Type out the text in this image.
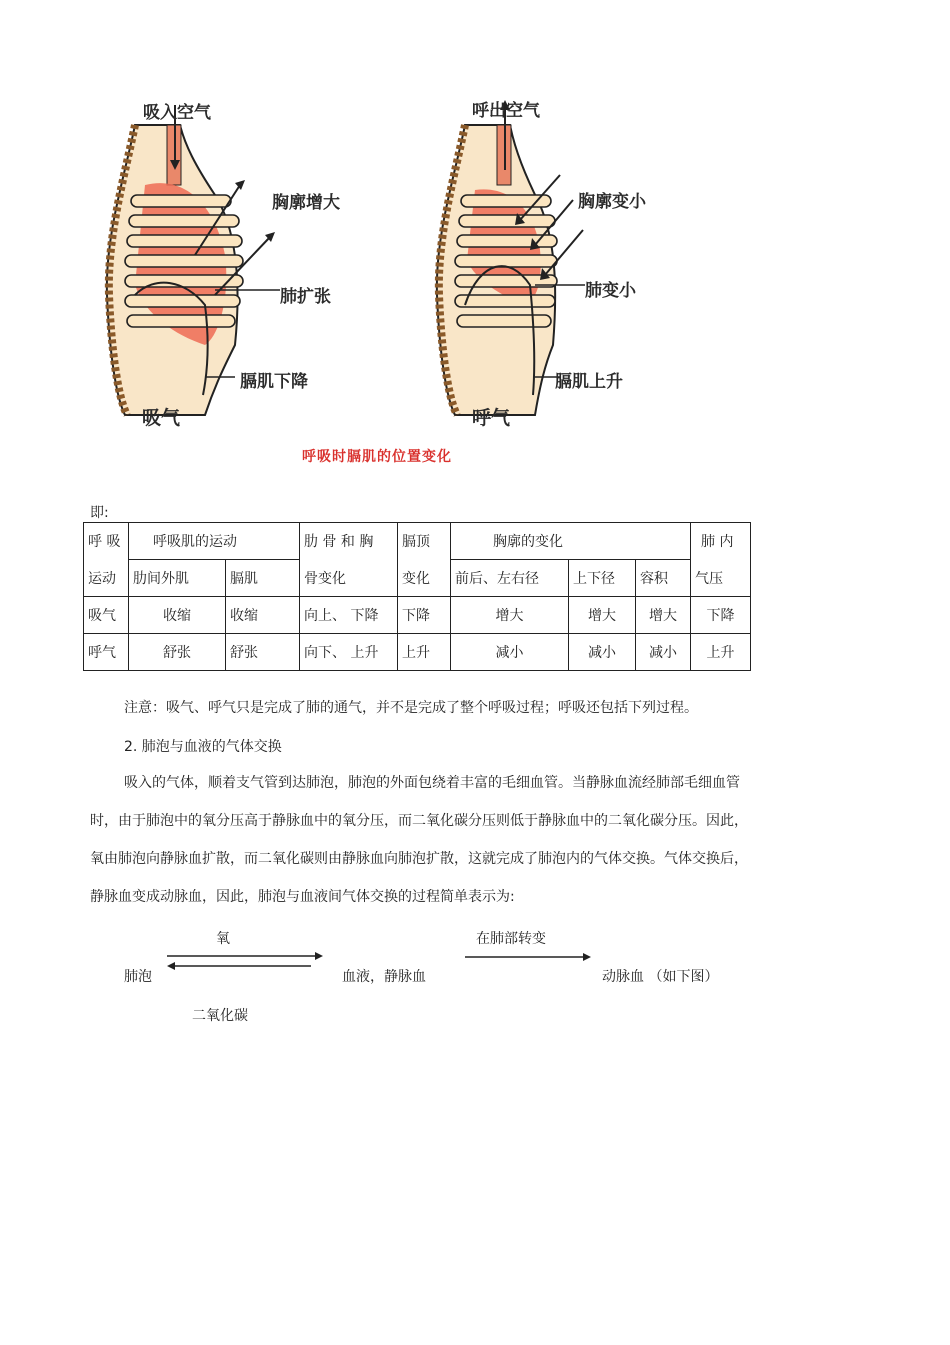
吸入空气
胸廓增大
肺扩张
膈肌下降
吸气
呼出空气
胸廓变小
肺变小
膈肌上升
呼气
呼吸时膈肌的位置变化
即:
呼 吸	呼吸肌的运动		肋 骨 和 胸	膈顶	胸廓的变化			肺 内
运动	肋间外肌	膈肌	骨变化	变化	前后、左右径	上下径	容积	气压
吸气	收缩	收缩	向上、 下降	下降	增大	增大	增大	下降
呼气	舒张	舒张	向下、 上升	上升	减小	减小	减小	上升
注意：吸气、呼气只是完成了肺的通气，并不是完成了整个呼吸过程；呼吸还包括下列过程。
2. 肺泡与血液的气体交换
吸入的气体，顺着支气管到达肺泡，肺泡的外面包绕着丰富的毛细血管。当静脉血流经肺部毛细血管
时，由于肺泡中的氧分压高于静脉血中的氧分压，而二氧化碳分压则低于静脉血中的二氧化碳分压。因此，
氧由肺泡向静脉血扩散，而二氧化碳则由静脉血向肺泡扩散，这就完成了肺泡内的气体交换。气体交换后，
静脉血变成动脉血，因此，肺泡与血液间气体交换的过程简单表示为:
氧
肺泡	血液，静脉血
二氧化碳
在肺部转变
动脉血 （如下图）
